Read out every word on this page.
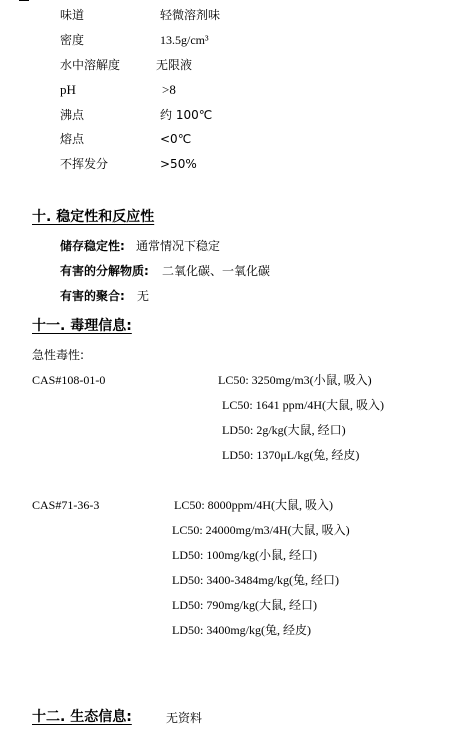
味道	轻微溶剂味
密度	13.5g/cm³
水中溶解度	无限液
pH	>8
沸点	约 100℃
熔点	<0℃
不挥发分	>50%
十. 稳定性和反应性
储存稳定性: 通常情况下稳定
有害的分解物质: 二氧化碳、一氧化碳
有害的聚合: 无
十一. 毒理信息:
急性毒性:
CAS#108-01-0	LC50: 3250mg/m3(小鼠, 吸入)
LC50: 1641 ppm/4H(大鼠, 吸入)
LD50: 2g/kg(大鼠, 经口)
LD50: 1370μL/kg(兔, 经皮)
CAS#71-36-3	LC50: 8000ppm/4H(大鼠, 吸入)
LC50: 24000mg/m3/4H(大鼠, 吸入)
LD50: 100mg/kg(小鼠, 经口)
LD50: 3400-3484mg/kg(兔, 经口)
LD50: 790mg/kg(大鼠, 经口)
LD50: 3400mg/kg(兔, 经皮)
十二. 生态信息:	无资料
